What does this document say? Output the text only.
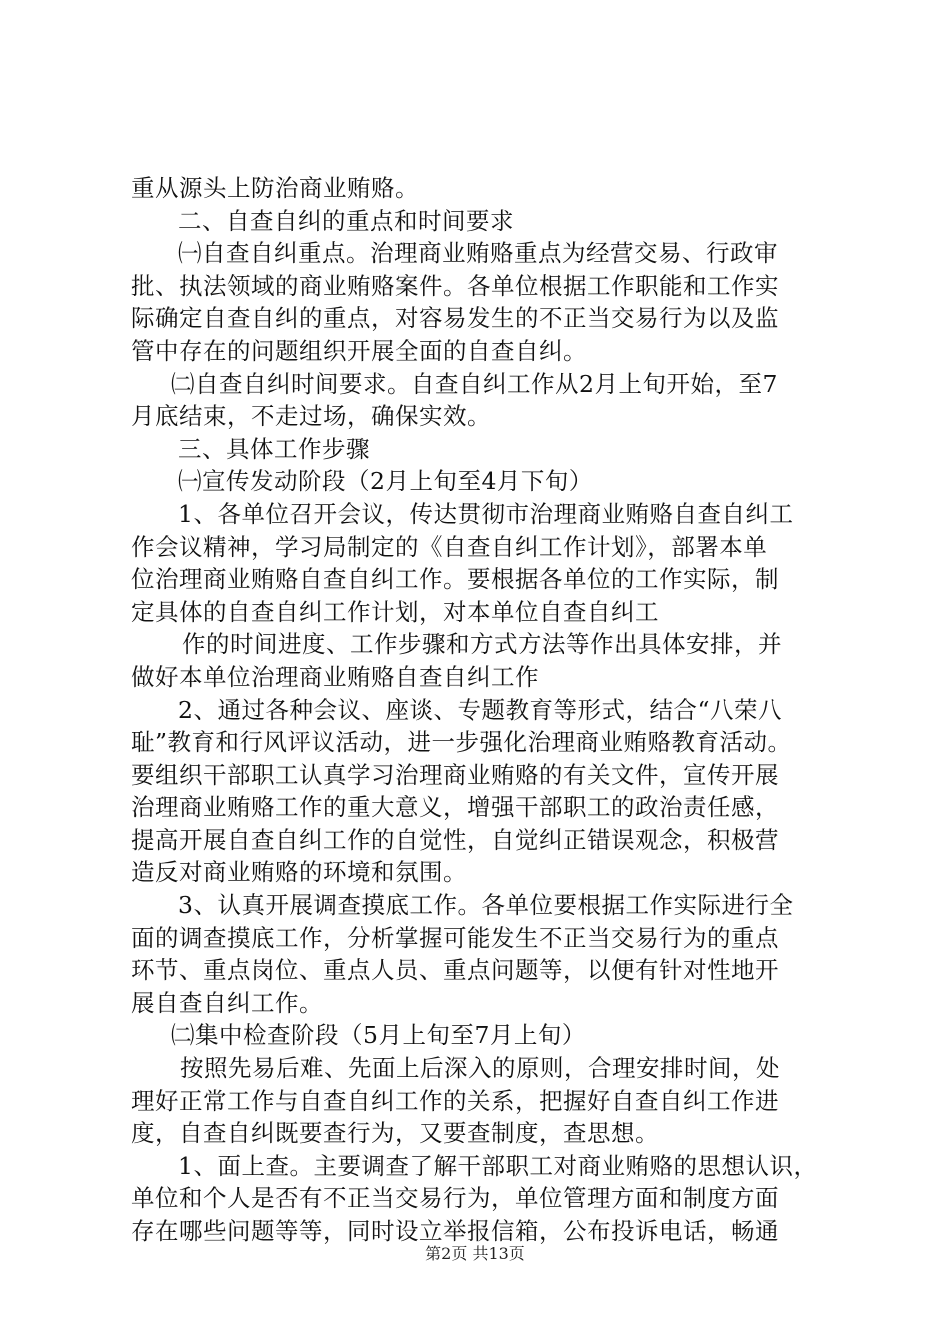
重从源头上防治商业贿赂。
二、自查自纠的重点和时间要求
㈠自查自纠重点。治理商业贿赂重点为经营交易、行政审
批、执法领域的商业贿赂案件。各单位根据工作职能和工作实
际确定自查自纠的重点，对容易发生的不正当交易行为以及监
管中存在的问题组织开展全面的自查自纠。
㈡自查自纠时间要求。自查自纠工作从2月上旬开始，至7
月底结束，不走过场，确保实效。
三、具体工作步骤
㈠宣传发动阶段（2月上旬至4月下旬）
1、各单位召开会议，传达贯彻市治理商业贿赂自查自纠工
作会议精神，学习局制定的《自查自纠工作计划》，部署本单
位治理商业贿赂自查自纠工作。要根据各单位的工作实际，制
定具体的自查自纠工作计划，对本单位自查自纠工
作的时间进度、工作步骤和方式方法等作出具体安排，并
做好本单位治理商业贿赂自查自纠工作
2、通过各种会议、座谈、专题教育等形式，结合“八荣八
耻”教育和行风评议活动，进一步强化治理商业贿赂教育活动。
要组织干部职工认真学习治理商业贿赂的有关文件，宣传开展
治理商业贿赂工作的重大意义，增强干部职工的政治责任感，
提高开展自查自纠工作的自觉性，自觉纠正错误观念，积极营
造反对商业贿赂的环境和氛围。
3、认真开展调查摸底工作。各单位要根据工作实际进行全
面的调查摸底工作，分析掌握可能发生不正当交易行为的重点
环节、重点岗位、重点人员、重点问题等，以便有针对性地开
展自查自纠工作。
㈡集中检查阶段（5月上旬至7月上旬）
按照先易后难、先面上后深入的原则，合理安排时间，处
理好正常工作与自查自纠工作的关系，把握好自查自纠工作进
度，自查自纠既要查行为，又要查制度，查思想。
1、面上查。主要调查了解干部职工对商业贿赂的思想认识，
单位和个人是否有不正当交易行为，单位管理方面和制度方面
存在哪些问题等等，同时设立举报信箱，公布投诉电话，畅通
第2页 共13页
